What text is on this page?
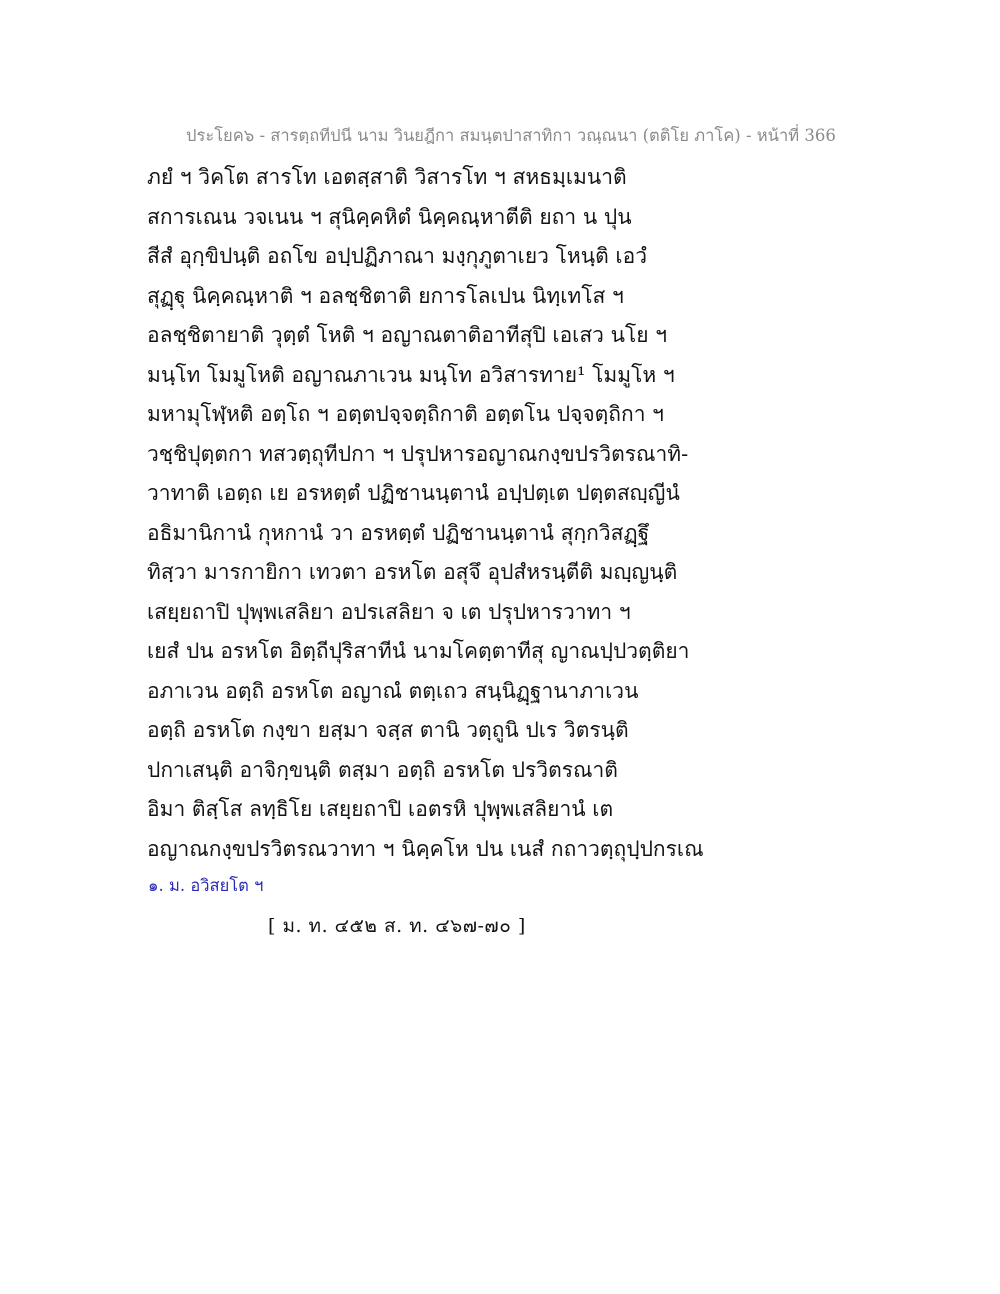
ประโยค๖ - สารตฺถทีปนี นาม วินยฎีกา สมนฺตปาสาทิกา วณฺณนา (ตติโย ภาโค) - หน้าที่ 366
ภยํ ฯ วิคโต สารโท เอตสฺสาติ วิสารโท ฯ สหธมฺเมนาติ
สการเณน วจเนน ฯ สุนิคฺคหิตํ นิคฺคณฺหาตีติ ยถา น ปุน
สีสํ อุกฺขิปนฺติ อถโข อปฺปฏิภาณา มงฺกุภูตาเยว โหนฺติ เอวํ
สุฏฺฐุ นิคฺคณฺหาติ ฯ อลชฺชิตาติ ยการโลเปน นิทฺเทโส ฯ
อลชฺชิตายาติ วุตฺตํ โหติ ฯ อญาณตาติอาทีสุปิ เอเสว นโย ฯ
มนฺโท โมมูโหติ อญาณภาเวน มนฺโท อวิสารทาย¹ โมมูโห ฯ
มหามุโฬฺหติ อตฺโถ ฯ อตฺตปจฺจตฺถิกาติ อตฺตโน ปจฺจตฺถิกา ฯ
วชฺชิปุตฺตกา ทสวตฺถุทีปกา ฯ ปรุปหารอญาณกงฺขปรวิตรณาทิ-
วาทาติ เอตฺถ เย อรหตฺตํ ปฏิชานนฺตานํ อปฺปตฺเต ปตฺตสญฺญีนํ
อธิมานิกานํ กุหกานํ วา อรหตฺตํ ปฏิชานนฺตานํ สุกฺกวิสฏฺฐึ
ทิสฺวา มารกายิกา เทวตา อรหโต อสุจึ อุปสํหรนฺตีติ มญฺญนฺติ
เสยฺยถาปิ ปุพฺพเสลิยา อปรเสลิยา จ เต ปรุปหารวาทา ฯ
เยสํ ปน อรหโต อิตฺถีปุริสาทีนํ นามโคตฺตาทีสุ ญาณปฺปวตฺติยา
อภาเวน อตฺถิ อรหโต อญาณํ ตตฺเถว สนฺนิฏฺฐานาภาเวน
อตฺถิ อรหโต กงฺขา ยสฺมา จสฺส ตานิ วตฺถูนิ ปเร วิตรนฺติ
ปกาเสนฺติ อาจิกฺขนฺติ ตสฺมา อตฺถิ อรหโต ปรวิตรณาติ
อิมา ติสฺโส ลทฺธิโย เสยฺยถาปิ เอตรหิ ปุพฺพเสลิยานํ เต
อญาณกงฺขปรวิตรณวาทา ฯ นิคฺคโห ปน เนสํ กถาวตฺถุปฺปกรเณ
๑. ม. อวิสยโต ฯ
[ ม. ท. ๔๕๒ ส. ท. ๔๖๗-๗๐ ]
